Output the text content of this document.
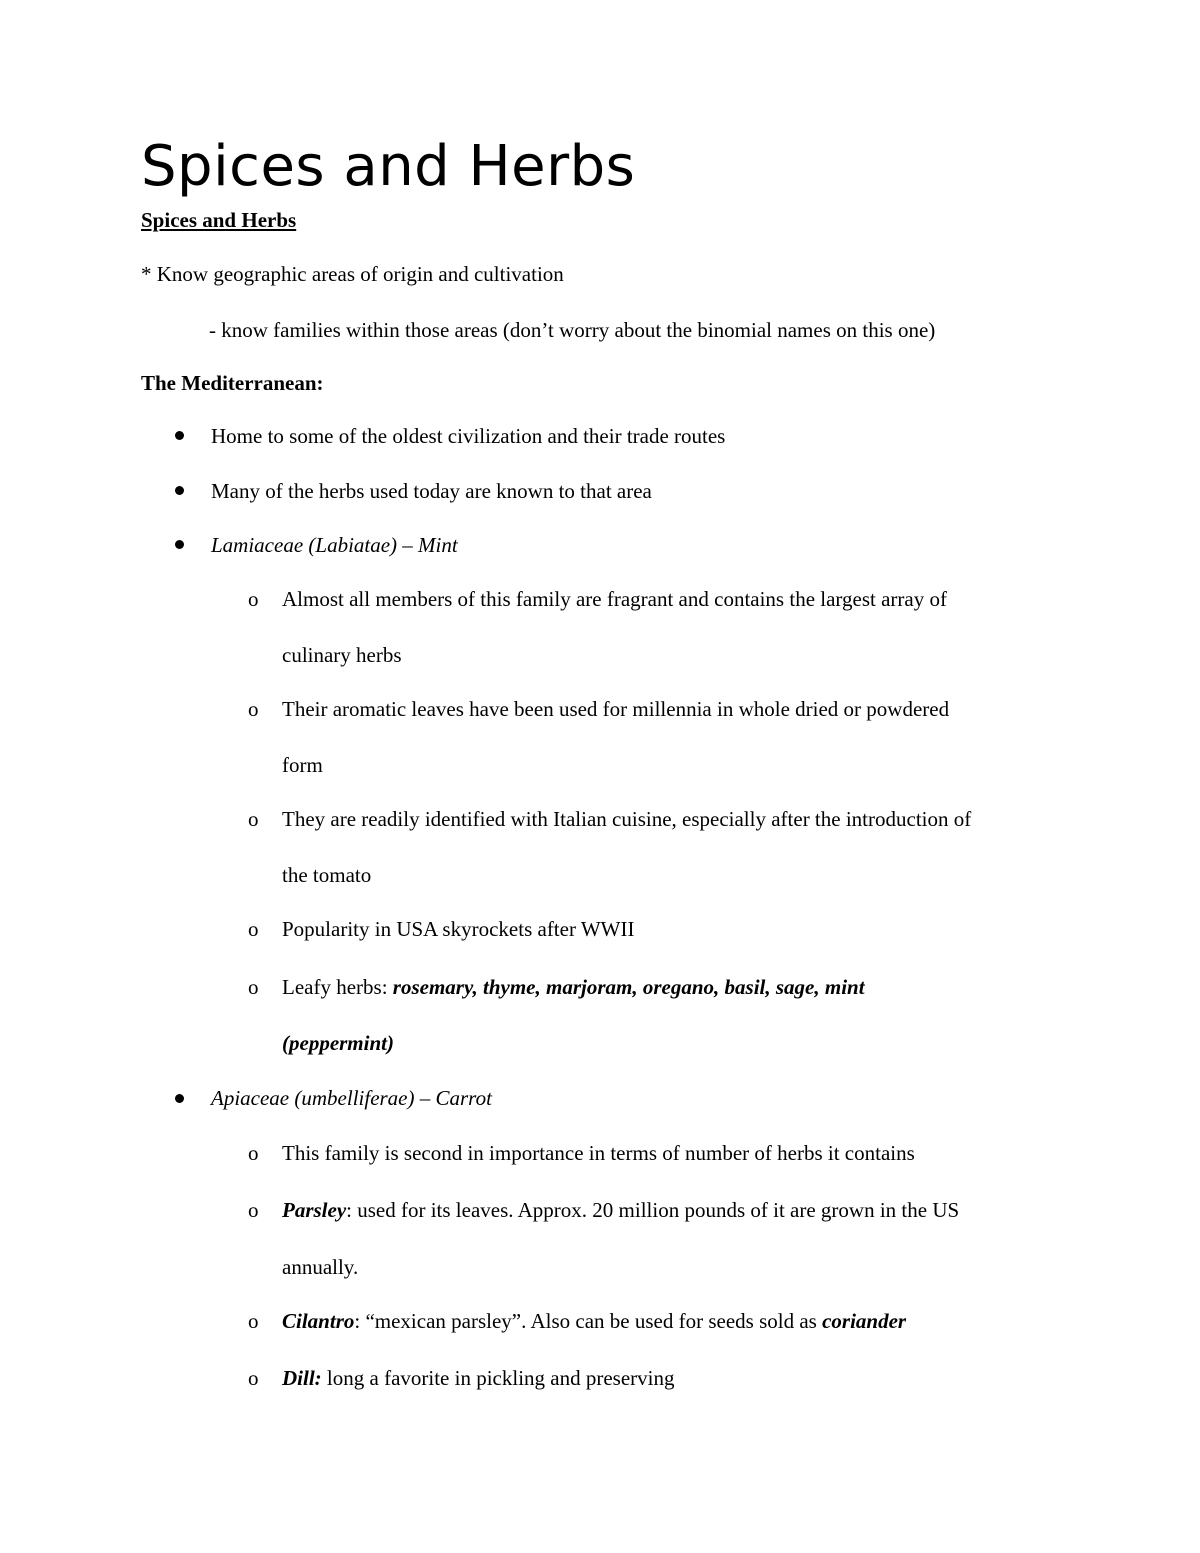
Spices and Herbs
Spices and Herbs
* Know geographic areas of origin and cultivation
- know families within those areas (don’t worry about the binomial names on this one)
The Mediterranean:
Home to some of the oldest civilization and their trade routes
Many of the herbs used today are known to that area
Lamiaceae (Labiatae) – Mint
o Almost all members of this family are fragrant and contains the largest array of
culinary herbs
o Their aromatic leaves have been used for millennia in whole dried or powdered
form
o They are readily identified with Italian cuisine, especially after the introduction of
the tomato
o Popularity in USA skyrockets after WWII
o Leafy herbs: rosemary, thyme, marjoram, oregano, basil, sage, mint
(peppermint)
Apiaceae (umbelliferae) – Carrot
o This family is second in importance in terms of number of herbs it contains
o Parsley: used for its leaves. Approx. 20 million pounds of it are grown in the US
annually.
o Cilantro: “mexican parsley”. Also can be used for seeds sold as coriander
o Dill: long a favorite in pickling and preserving
